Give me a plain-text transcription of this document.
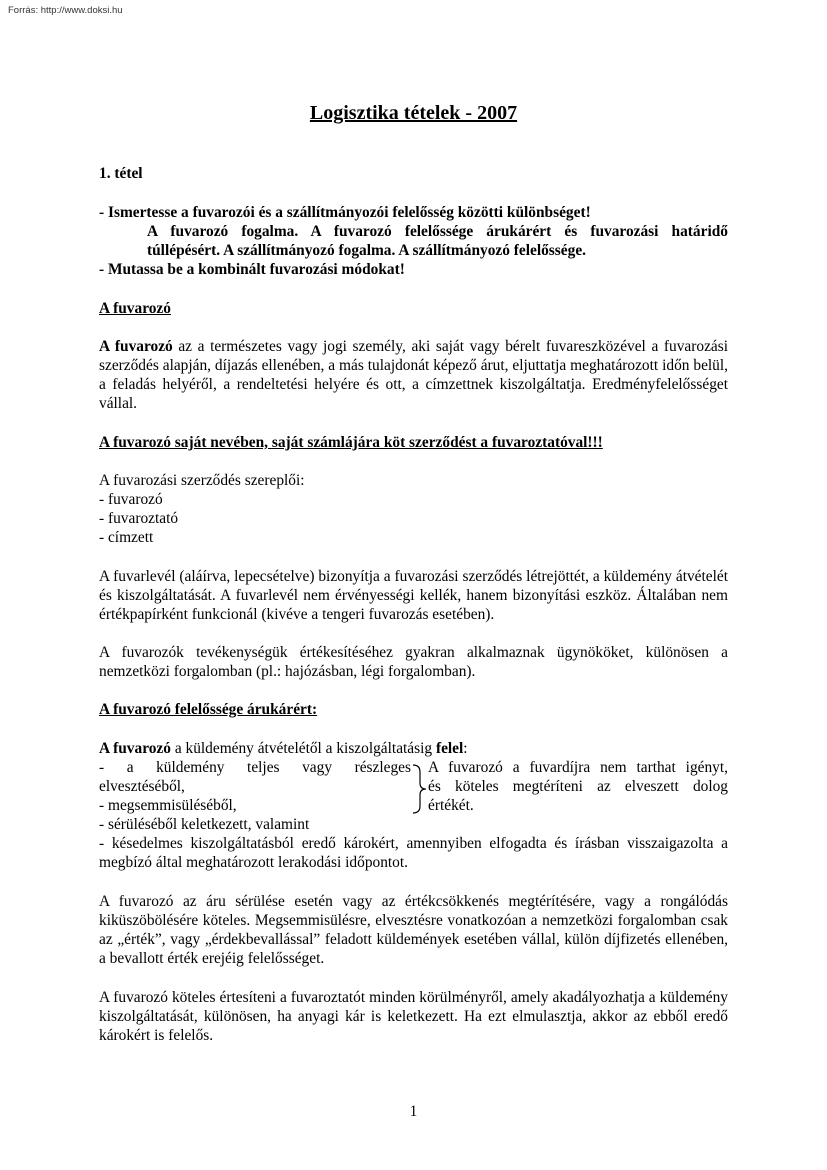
Forrás: http://www.doksi.hu
Logisztika tételek - 2007
1. tétel
- Ismertesse a fuvarozói és a szállítmányozói felelősség közötti különbséget!
A fuvarozó fogalma. A fuvarozó felelőssége árukárért és fuvarozási határidő
túllépésért. A szállítmányozó fogalma. A szállítmányozó felelőssége.
- Mutassa be a kombinált fuvarozási módokat!
A fuvarozó

A fuvarozó az a természetes vagy jogi személy, aki saját vagy bérelt fuvareszközével a fuvarozási szerződés alapján, díjazás ellenében, a más tulajdonát képező árut, eljuttatja meghatározott időn belül, a feladás helyéről, a rendeltetési helyére és ott, a címzettnek kiszolgáltatja. Eredményfelelősséget vállal.

A fuvarozó saját nevében, saját számlájára köt szerződést a fuvaroztatóval!!!
A fuvarozási szerződés szereplői:
- fuvarozó
- fuvaroztató
- címzett

A fuvarlevél (aláírva, lepecsételve) bizonyítja a fuvarozási szerződés létrejöttét, a küldemény átvételét és kiszolgáltatását. A fuvarlevél nem érvényességi kellék, hanem bizonyítási eszköz. Általában nem értékpapírként funkcionál (kivéve a tengeri fuvarozás esetében).

A fuvarozók tevékenységük értékesítéséhez gyakran alkalmaznak ügynököket, különösen a nemzetközi forgalomban (pl.: hajózásban, légi forgalomban).

A fuvarozó felelőssége árukárért:
A fuvarozó a küldemény átvételétől a kiszolgáltatásig felel:
- a küldemény teljes vagy részleges
elvesztéséből,
- megsemmisüléséből,
A fuvarozó a fuvardíjra nem tarthat igényt,
és köteles megtéríteni az elveszett dolog
értékét.
- sérüléséből keletkezett, valamint

- késedelmes kiszolgáltatásból eredő károkért, amennyiben elfogadta és írásban visszaigazolta a megbízó által meghatározott lerakodási időpontot.

A fuvarozó az áru sérülése esetén vagy az értékcsökkenés megtérítésére, vagy a rongálódás kiküszöbölésére köteles. Megsemmisülésre, elvesztésre vonatkozóan a nemzetközi forgalomban csak az „érték”, vagy „érdekbevallással” feladott küldemények esetében vállal, külön díjfizetés ellenében, a bevallott érték erejéig felelősséget.

A fuvarozó köteles értesíteni a fuvaroztatót minden körülményről, amely akadályozhatja a küldemény kiszolgáltatását, különösen, ha anyagi kár is keletkezett. Ha ezt elmulasztja, akkor az ebből eredő károkért is felelős.

1
